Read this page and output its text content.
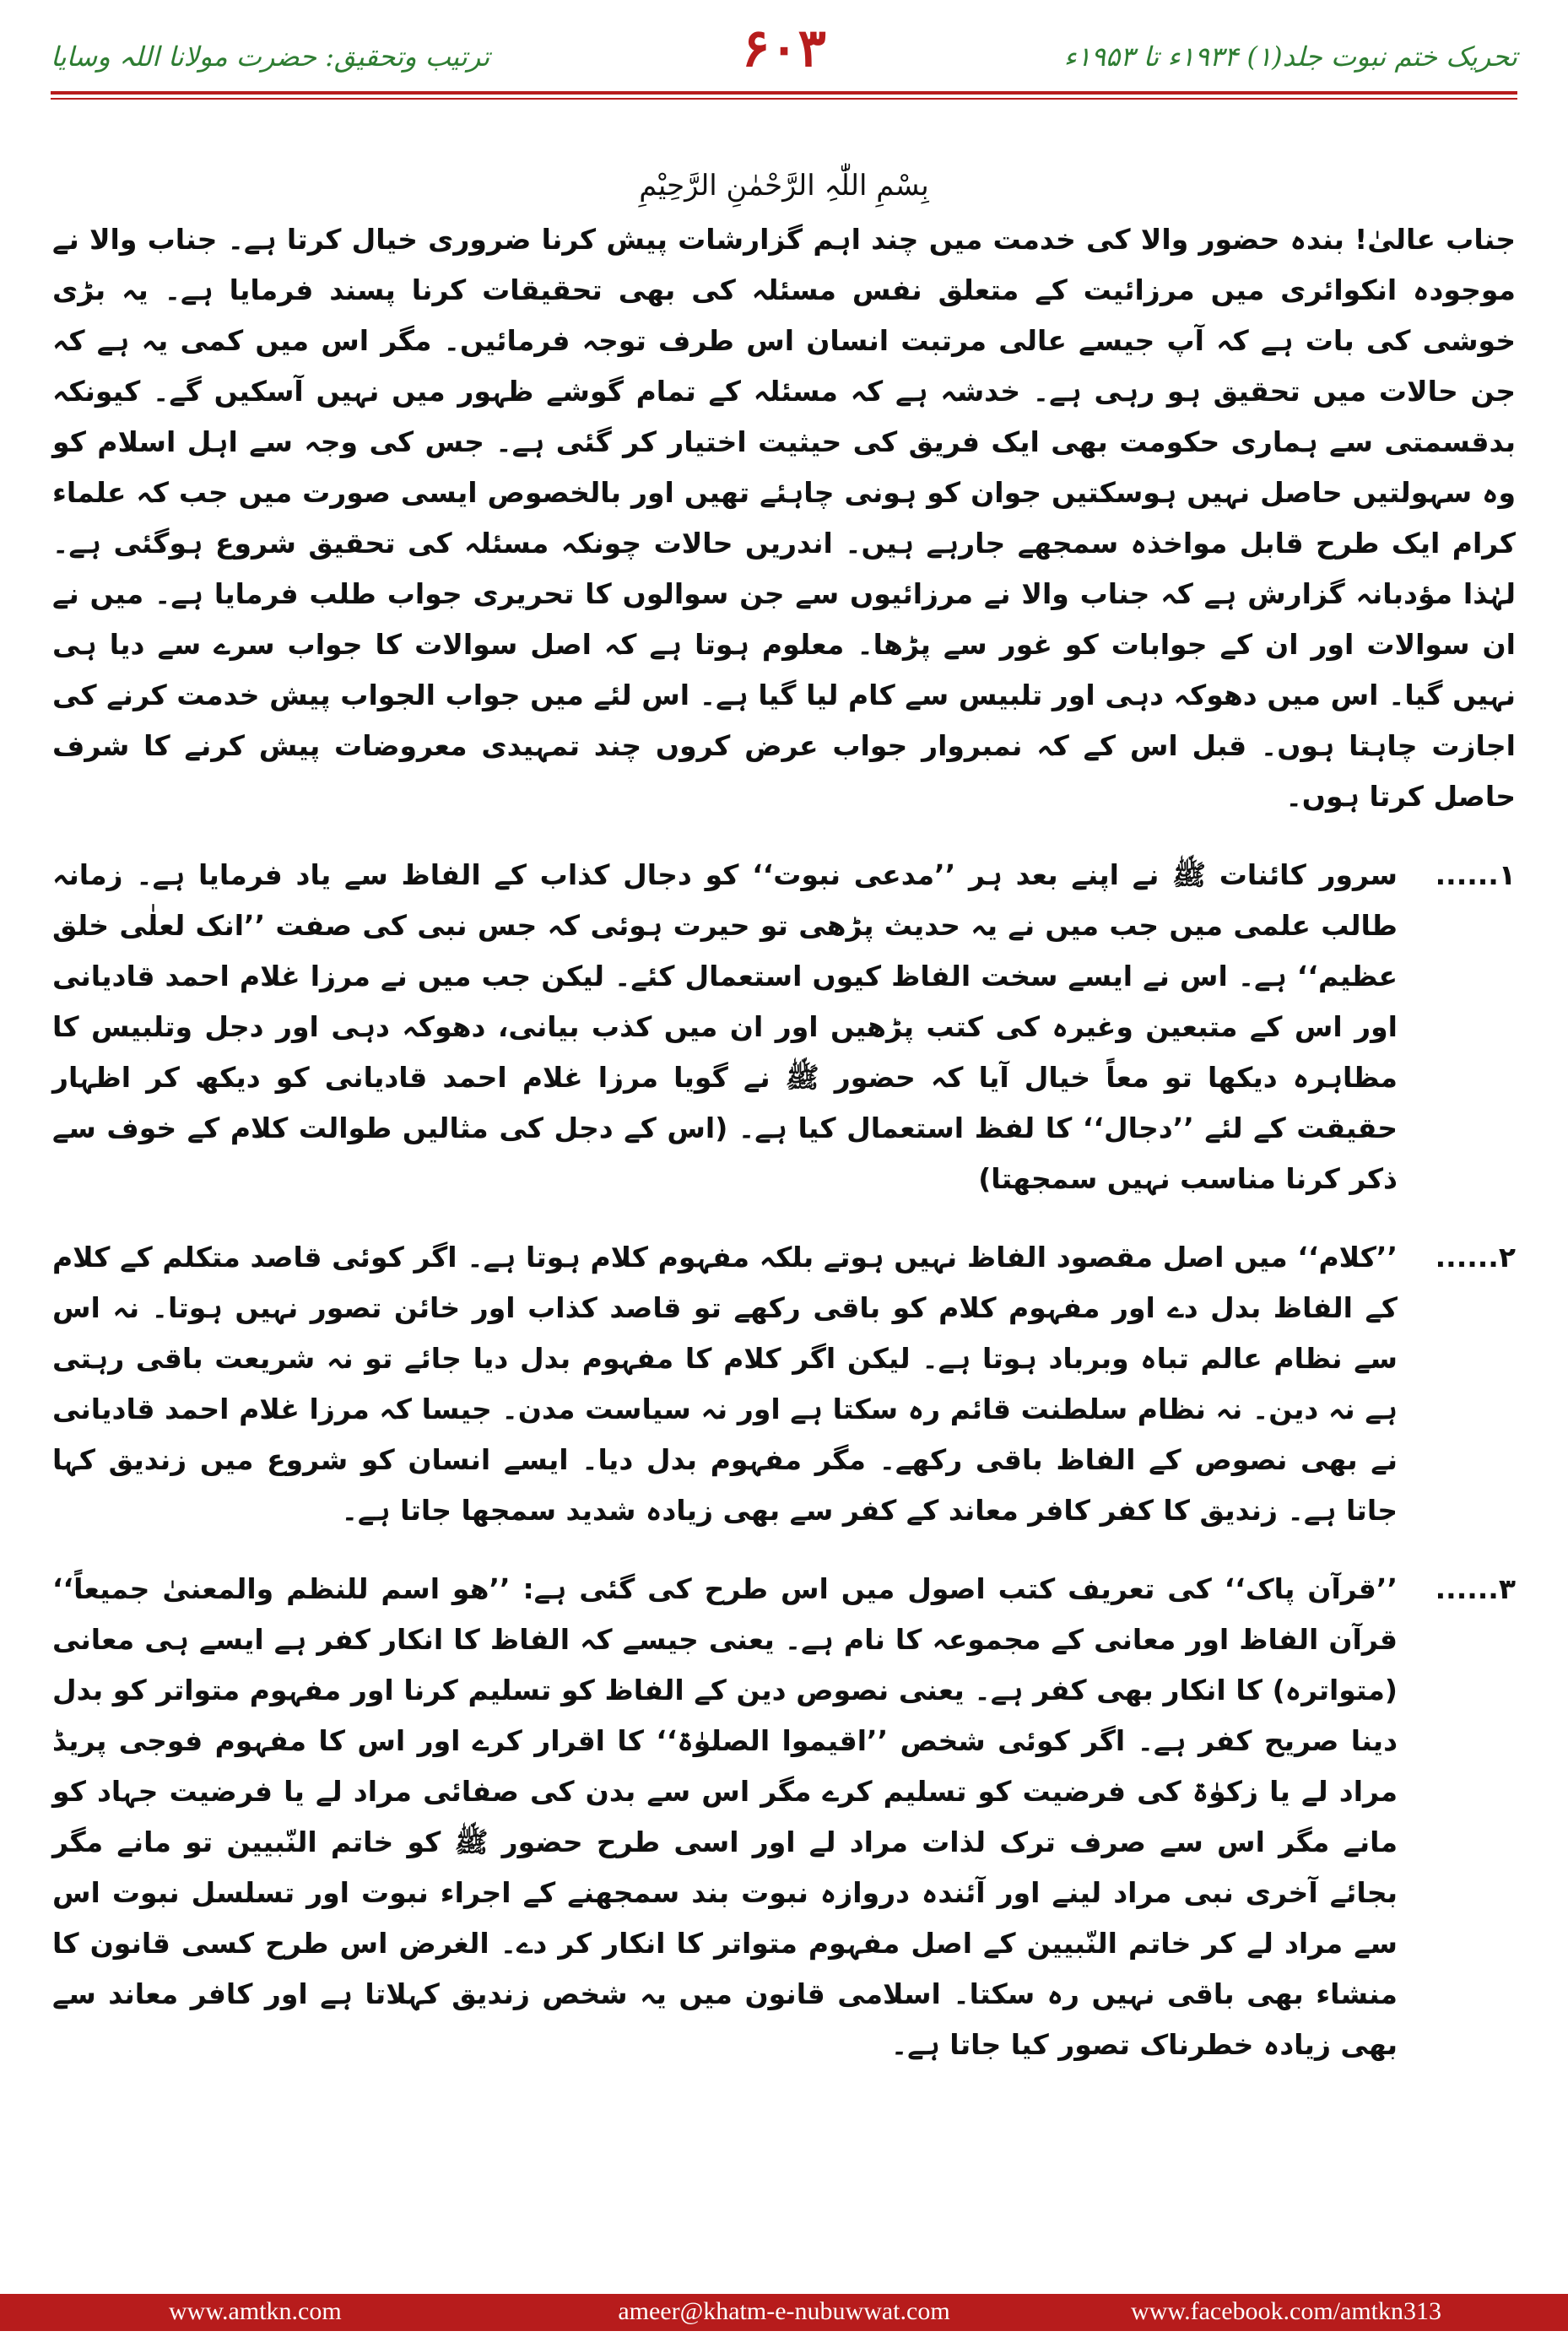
ترتیب وتحقیق: حضرت مولانا اللہ وسایا	۶۰۳	تحریک ختم نبوت جلد(۱) ۱۹۳۴ء تا ۱۹۵۳ء
بِسْمِ اللّٰہِ الرَّحْمٰنِ الرَّحِیْمِ

جناب عالیٰ! بندہ حضور والا کی خدمت میں چند اہم گزارشات پیش کرنا ضروری خیال کرتا ہے۔ جناب والا نے موجودہ انکوائری میں مرزائیت کے متعلق نفس مسئلہ کی بھی تحقیقات کرنا پسند فرمایا ہے۔ یہ بڑی خوشی کی بات ہے کہ آپ جیسے عالی مرتبت انسان اس طرف توجہ فرمائیں۔ مگر اس میں کمی یہ ہے کہ جن حالات میں تحقیق ہو رہی ہے۔ خدشہ ہے کہ مسئلہ کے تمام گوشے ظہور میں نہیں آسکیں گے۔ کیونکہ بدقسمتی سے ہماری حکومت بھی ایک فریق کی حیثیت اختیار کر گئی ہے۔ جس کی وجہ سے اہل اسلام کو وہ سہولتیں حاصل نہیں ہوسکتیں جوان کو ہونی چاہئے تھیں اور بالخصوص ایسی صورت میں جب کہ علماء کرام ایک طرح قابل مواخذہ سمجھے جارہے ہیں۔ اندریں حالات چونکہ مسئلہ کی تحقیق شروع ہوگئی ہے۔ لہٰذا مؤدبانہ گزارش ہے کہ جناب والا نے مرزائیوں سے جن سوالوں کا تحریری جواب طلب فرمایا ہے۔ میں نے ان سوالات اور ان کے جوابات کو غور سے پڑھا۔ معلوم ہوتا ہے کہ اصل سوالات کا جواب سرے سے دیا ہی نہیں گیا۔ اس میں دھوکہ دہی اور تلبیس سے کام لیا گیا ہے۔ اس لئے میں جواب الجواب پیش خدمت کرنے کی اجازت چاہتا ہوں۔ قبل اس کے کہ نمبروار جواب عرض کروں چند تمہیدی معروضات پیش کرنے کا شرف حاصل کرتا ہوں۔

۱......

سرور کائنات ﷺ نے اپنے بعد ہر ’’مدعی نبوت‘‘ کو دجال کذاب کے الفاظ سے یاد فرمایا ہے۔ زمانہ طالب علمی میں جب میں نے یہ حدیث پڑھی تو حیرت ہوئی کہ جس نبی کی صفت ’’انک لعلٰی خلق عظیم‘‘ ہے۔ اس نے ایسے سخت الفاظ کیوں استعمال کئے۔ لیکن جب میں نے مرزا غلام احمد قادیانی اور اس کے متبعین وغیرہ کی کتب پڑھیں اور ان میں کذب بیانی، دھوکہ دہی اور دجل وتلبیس کا مظاہرہ دیکھا تو معاً خیال آیا کہ حضور ﷺ نے گویا مرزا غلام احمد قادیانی کو دیکھ کر اظہار حقیقت کے لئے ’’دجال‘‘ کا لفظ استعمال کیا ہے۔ (اس کے دجل کی مثالیں طوالت کلام کے خوف سے ذکر کرنا مناسب نہیں سمجھتا)

۲......

’’کلام‘‘ میں اصل مقصود الفاظ نہیں ہوتے بلکہ مفہوم کلام ہوتا ہے۔ اگر کوئی قاصد متکلم کے کلام کے الفاظ بدل دے اور مفہوم کلام کو باقی رکھے تو قاصد کذاب اور خائن تصور نہیں ہوتا۔ نہ اس سے نظام عالم تباہ وبرباد ہوتا ہے۔ لیکن اگر کلام کا مفہوم بدل دیا جائے تو نہ شریعت باقی رہتی ہے نہ دین۔ نہ نظام سلطنت قائم رہ سکتا ہے اور نہ سیاست مدن۔ جیسا کہ مرزا غلام احمد قادیانی نے بھی نصوص کے الفاظ باقی رکھے۔ مگر مفہوم بدل دیا۔ ایسے انسان کو شروع میں زندیق کہا جاتا ہے۔ زندیق کا کفر کافر معاند کے کفر سے بھی زیادہ شدید سمجھا جاتا ہے۔

۳......

’’قرآن پاک‘‘ کی تعریف کتب اصول میں اس طرح کی گئی ہے: ’’ھو اسم للنظم والمعنیٰ جمیعاً‘‘ قرآن الفاظ اور معانی کے مجموعہ کا نام ہے۔ یعنی جیسے کہ الفاظ کا انکار کفر ہے ایسے ہی معانی (متواترہ) کا انکار بھی کفر ہے۔ یعنی نصوص دین کے الفاظ کو تسلیم کرنا اور مفہوم متواتر کو بدل دینا صریح کفر ہے۔ اگر کوئی شخص ’’اقیموا الصلوٰۃ‘‘ کا اقرار کرے اور اس کا مفہوم فوجی پریڈ مراد لے یا زکوٰۃ کی فرضیت کو تسلیم کرے مگر اس سے بدن کی صفائی مراد لے یا فرضیت جہاد کو مانے مگر اس سے صرف ترک لذات مراد لے اور اسی طرح حضور ﷺ کو خاتم النّبیین تو مانے مگر بجائے آخری نبی مراد لینے اور آئندہ دروازہ نبوت بند سمجھنے کے اجراء نبوت اور تسلسل نبوت اس سے مراد لے کر خاتم النّبیین کے اصل مفہوم متواتر کا انکار کر دے۔ الغرض اس طرح کسی قانون کا منشاء بھی باقی نہیں رہ سکتا۔ اسلامی قانون میں یہ شخص زندیق کہلاتا ہے اور کافر معاند سے بھی زیادہ خطرناک تصور کیا جاتا ہے۔

www.amtkn.com	ameer@khatm-e-nubuwwat.com	www.facebook.com/amtkn313
